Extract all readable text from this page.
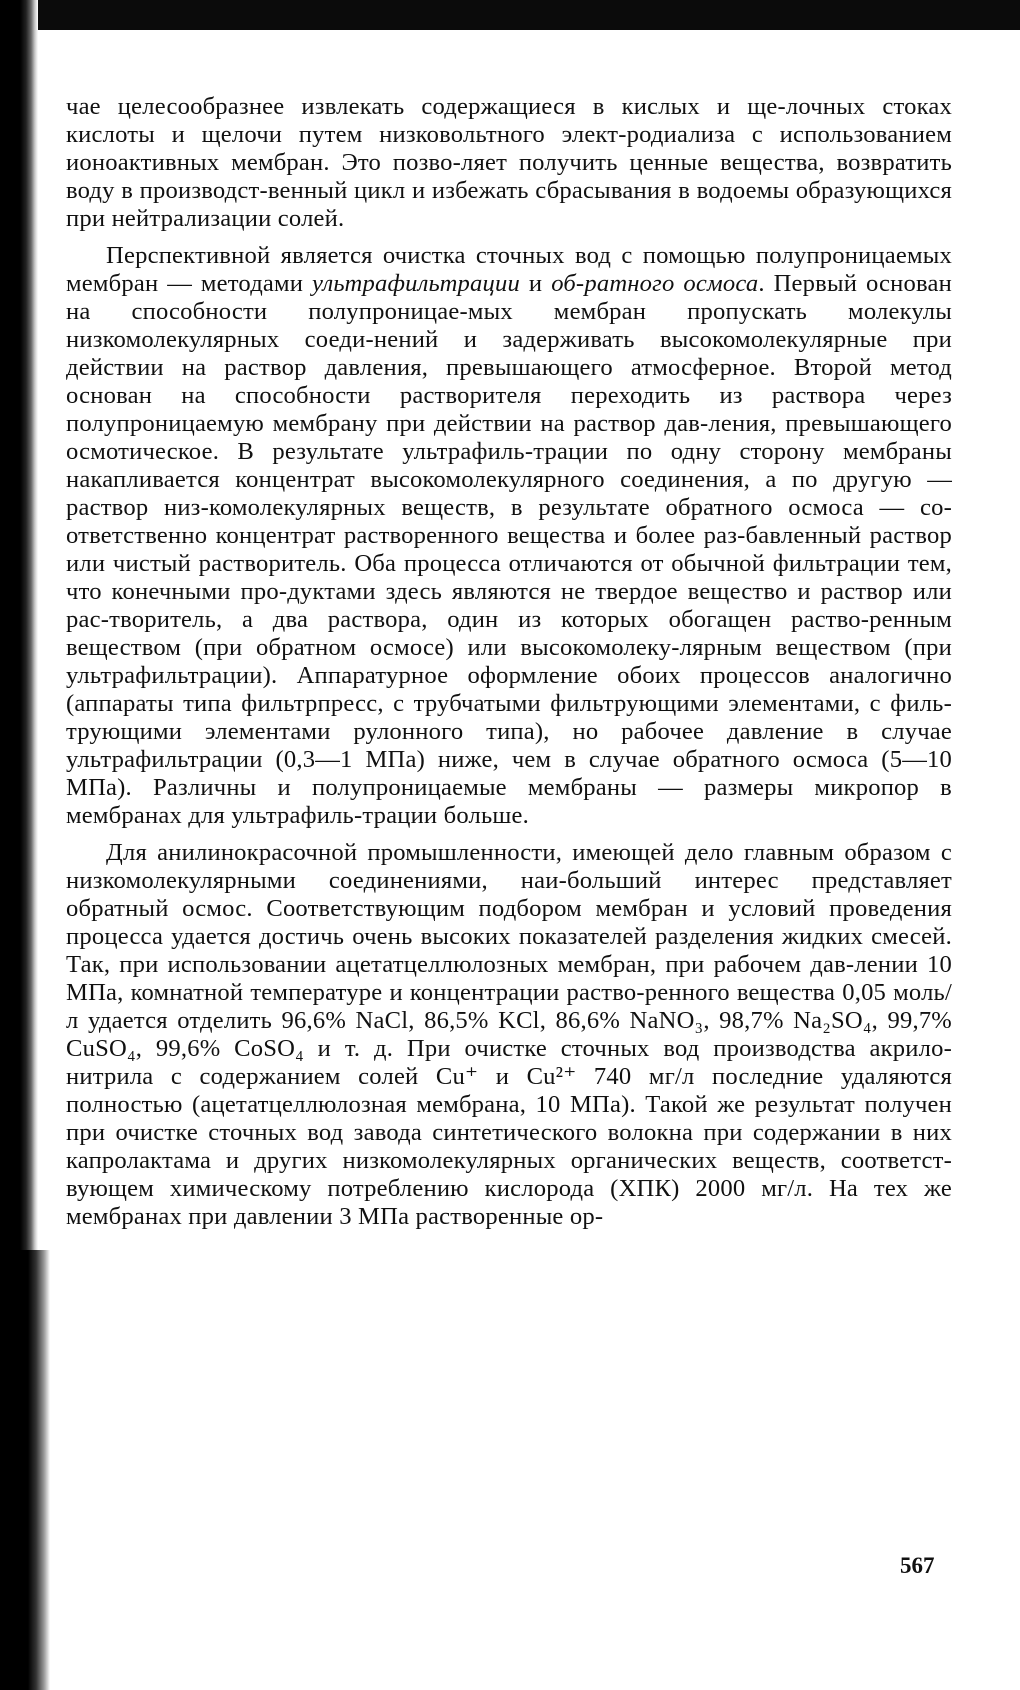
чае целесообразнее извлекать содержащиеся в кислых и ще-лочных стоках кислоты и щелочи путем низковольтного элект-родиализа с использованием ионоактивных мембран. Это позво-ляет получить ценные вещества, возвратить воду в производст-венный цикл и избежать сбрасывания в водоемы образующихся при нейтрализации солей.

Перспективной является очистка сточных вод с помощью полупроницаемых мембран — методами ультрафильтрации и об-ратного осмоса. Первый основан на способности полупроницае-мых мембран пропускать молекулы низкомолекулярных соеди-нений и задерживать высокомолекулярные при действии на раствор давления, превышающего атмосферное. Второй метод основан на способности растворителя переходить из раствора через полупроницаемую мембрану при действии на раствор дав-ления, превышающего осмотическое. В результате ультрафиль-трации по одну сторону мембраны накапливается концентрат высокомолекулярного соединения, а по другую — раствор низ-комолекулярных веществ, в результате обратного осмоса — со-ответственно концентрат растворенного вещества и более раз-бавленный раствор или чистый растворитель. Оба процесса отличаются от обычной фильтрации тем, что конечными про-дуктами здесь являются не твердое вещество и раствор или рас-творитель, а два раствора, один из которых обогащен раство-ренным веществом (при обратном осмосе) или высокомолеку-лярным веществом (при ультрафильтрации). Аппаратурное оформление обоих процессов аналогично (аппараты типа фильтрпресс, с трубчатыми фильтрующими элементами, с филь-трующими элементами рулонного типа), но рабочее давление в случае ультрафильтрации (0,3—1 МПа) ниже, чем в случае обратного осмоса (5—10 МПа). Различны и полупроницаемые мембраны — размеры микропор в мембранах для ультрафиль-трации больше.

Для анилинокрасочной промышленности, имеющей дело главным образом с низкомолекулярными соединениями, наи-больший интерес представляет обратный осмос. Соответствующим подбором мембран и условий проведения процесса удается достичь очень высоких показателей разделения жидких смесей. Так, при использовании ацетатцеллюлозных мембран, при рабочем дав-лении 10 МПа, комнатной температуре и концентрации раство-ренного вещества 0,05 моль/л удается отделить 96,6% NaCl, 86,5% KCl, 86,6% NaNO₃, 98,7% Na₂SO₄, 99,7% CuSO₄, 99,6% CoSO₄ и т. д. При очистке сточных вод производства акрило-нитрила с содержанием солей Cu⁺ и Cu²⁺ 740 мг/л последние удаляются полностью (ацетатцеллюлозная мембрана, 10 МПа). Такой же результат получен при очистке сточных вод завода синтетического волокна при содержании в них капролактама и других низкомолекулярных органических веществ, соответст-вующем химическому потреблению кислорода (ХПК) 2000 мг/л. На тех же мембранах при давлении 3 МПа растворенные ор-

567
